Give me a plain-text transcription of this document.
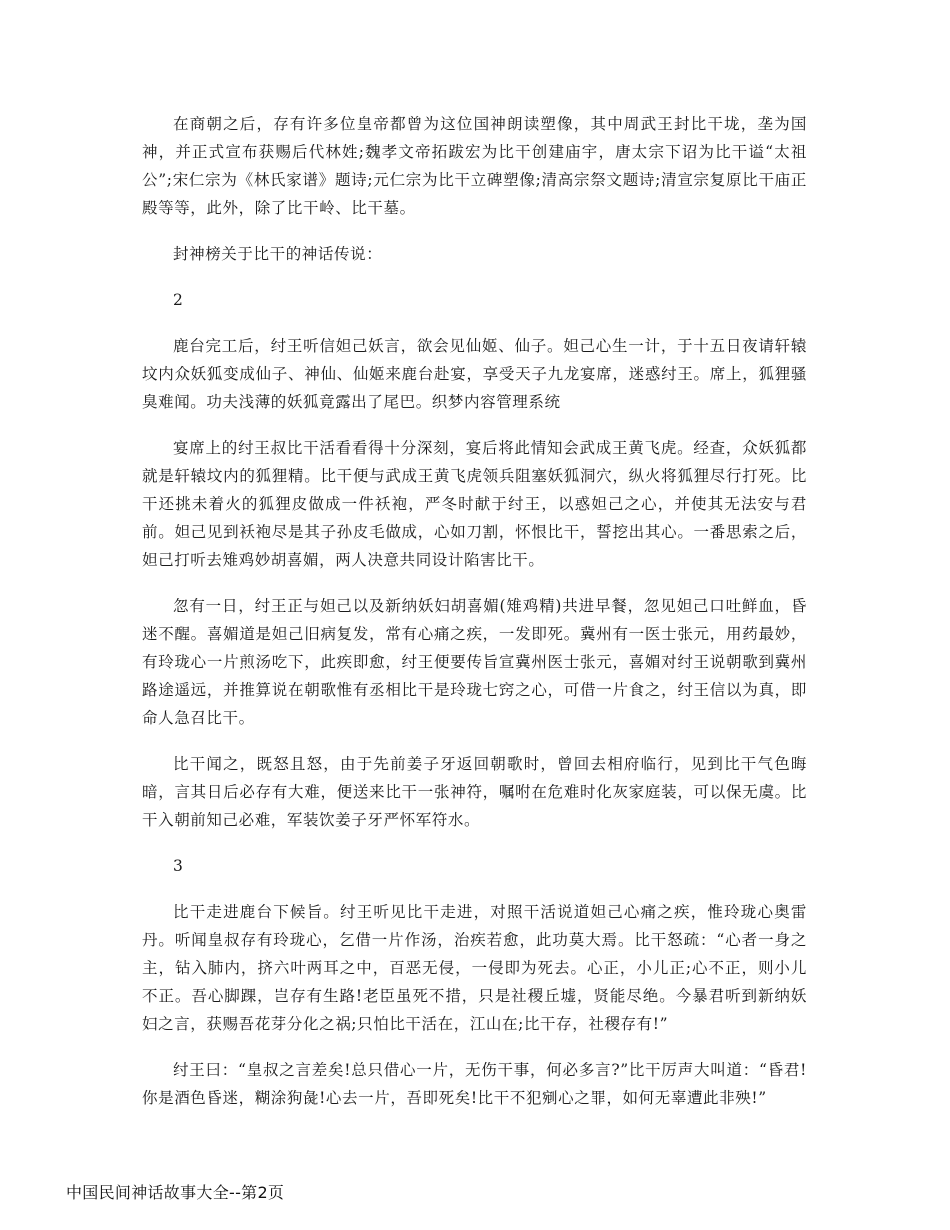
在商朝之后，存有许多位皇帝都曾为这位国神朗读塑像，其中周武王封比干垅，垄为国神，并正式宣布获赐后代林姓;魏孝文帝拓跋宏为比干创建庙宇，唐太宗下诏为比干谥“太祖公”;宋仁宗为《林氏家谱》题诗;元仁宗为比干立碑塑像;清高宗祭文题诗;清宣宗复原比干庙正殿等等，此外，除了比干岭、比干墓。

封神榜关于比干的神话传说：

2

鹿台完工后，纣王听信妲己妖言，欲会见仙姬、仙子。妲己心生一计，于十五日夜请轩辕坟内众妖狐变成仙子、神仙、仙姬来鹿台赴宴，享受天子九龙宴席，迷惑纣王。席上，狐狸骚臭难闻。功夫浅薄的妖狐竟露出了尾巴。织梦内容管理系统

宴席上的纣王叔比干活看看得十分深刻，宴后将此情知会武成王黄飞虎。经查，众妖狐都就是轩辕坟内的狐狸精。比干便与武成王黄飞虎领兵阻塞妖狐洞穴，纵火将狐狸尽行打死。比干还挑未着火的狐狸皮做成一件袄袍，严冬时献于纣王，以惑妲己之心，并使其无法安与君前。妲己见到袄袍尽是其子孙皮毛做成，心如刀割，怀恨比干，誓挖出其心。一番思索之后，妲己打听去雉鸡妙胡喜媚，两人决意共同设计陷害比干。

忽有一日，纣王正与妲己以及新纳妖妇胡喜媚(雉鸡精)共进早餐，忽见妲己口吐鲜血，昏迷不醒。喜媚道是妲己旧病复发，常有心痛之疾，一发即死。冀州有一医士张元，用药最妙，有玲珑心一片煎汤吃下，此疾即愈，纣王便要传旨宣冀州医士张元，喜媚对纣王说朝歌到冀州路途遥远，并推算说在朝歌惟有丞相比干是玲珑七窍之心，可借一片食之，纣王信以为真，即命人急召比干。

比干闻之，既怒且怒，由于先前姜子牙返回朝歌时，曾回去相府临行，见到比干气色晦暗，言其日后必存有大难，便送来比干一张神符，嘱咐在危难时化灰家庭装，可以保无虞。比干入朝前知己必难，军装饮姜子牙严怀军符水。

3

比干走进鹿台下候旨。纣王听见比干走进，对照干活说道妲己心痛之疾，惟玲珑心奥雷丹。听闻皇叔存有玲珑心，乞借一片作汤，治疾若愈，此功莫大焉。比干怒疏：“心者一身之主，钻入肺内，挤六叶两耳之中，百恶无侵，一侵即为死去。心正，小儿正;心不正，则小儿不正。吾心脚踝，岂存有生路!老臣虽死不措，只是社稷丘墟，贤能尽绝。今暴君听到新纳妖妇之言，获赐吾花芽分化之祸;只怕比干活在，江山在;比干存，社稷存有!”

纣王曰：“皇叔之言差矣!总只借心一片，无伤干事，何必多言?”比干厉声大叫道：“昏君!你是酒色昏迷，糊涂狗彘!心去一片，吾即死矣!比干不犯剜心之罪，如何无辜遭此非殃!”

中国民间神话故事大全--第2页
